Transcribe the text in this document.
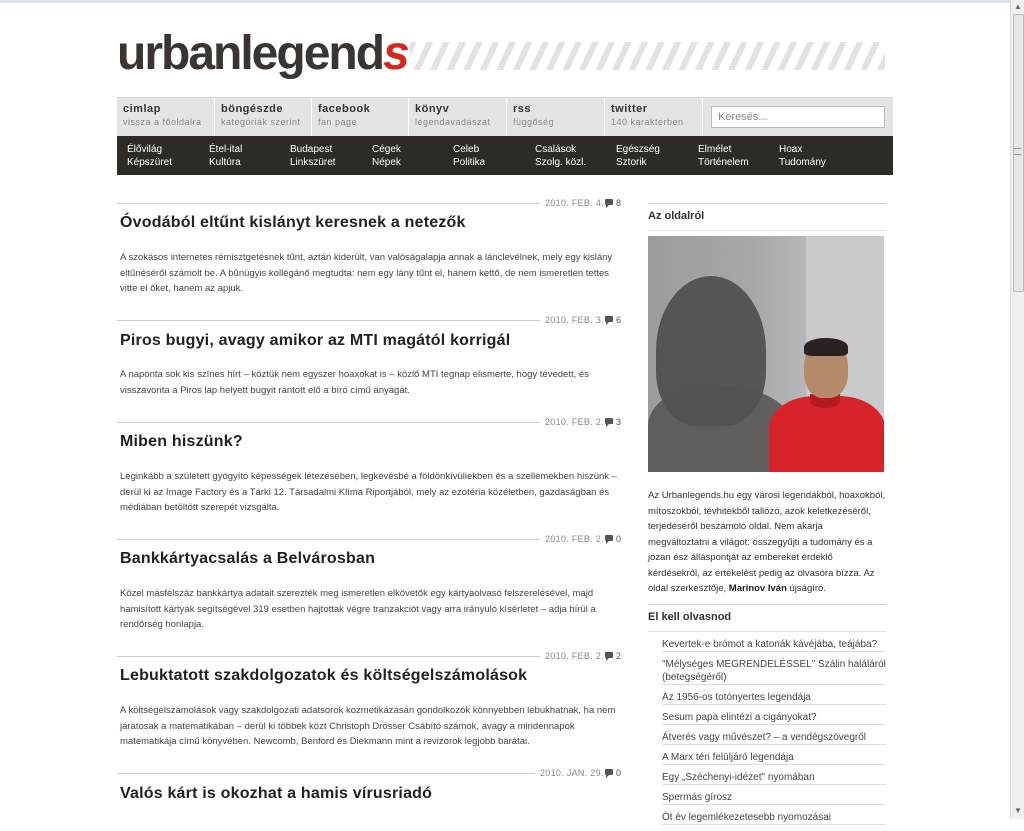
▲
▼
urbanlegends
cimlap
vissza a főoldalra
böngészde
kategóriák szerint
facebook
fan page
könyv
legendavadászat
rss
függőség
twitter
140 karakterben
Keresés...
Élővilág
Képszüret
Étel-ital
Kultúra
Budapest
Linkszüret
Cégek
Népek
Celeb
Politika
Csalások
Szolg. közl.
Egészség
Sztorik
Elmélet
Történelem
Hoax
Tudomány
2010. FEB. 4. 8
Óvodából eltűnt kislányt keresnek a netezők
A szokásos internetes rémisztgetésnek tűnt, aztán kiderült, van valóságalapja annak a lánclevélnek, mely egy kislány eltűnéséről számolt be. A bűnügyis kollégánő megtudta: nem egy lány tűnt el, hanem kettő, de nem ismeretlen tettes vitte el őket, hanem az apjuk.
2010. FEB. 3. 6
Piros bugyi, avagy amikor az MTI magától korrigál
A naponta sok kis színes hírt – köztük nem egyszer hoaxokat is – közlő MTI tegnap elismerte, hogy tévedett, és visszavonta a Piros lap helyett bugyit rántott elő a bíró című anyagát.
2010. FEB. 2. 3
Miben hiszünk?
Leginkább a született gyógyító képességek létezésében, legkevésbé a földönkívüliekben és a szellemekben hiszünk – derül ki az Image Factory és a Tárki 12. Társadalmi Klíma Riportjából, mely az ezotéria közéletben, gazdaságban és médiában betöltött szerepét vizsgálta.
2010. FEB. 2. 0
Bankkártyacsalás a Belvárosban
Közel másfélszáz bankkártya adatait szerezték meg ismeretlen elkövetők egy kártyaolvasó felszerelésével, majd hamisított kártyák segítségével 319 esetben hajtottak végre tranzakciót vagy arra irányuló kísérletet – adja hírül a rendőrség honlapja.
2010. FEB. 2. 2
Lebuktatott szakdolgozatok és költségelszámolások
A költségelszámolások vagy szakdolgozati adatsorok kozmetikázásán gondolkozók könnyebben lebukhatnak, ha nem járatosak a matematikában – derül ki többek közt Christoph Drösser Csábító számok, avagy a mindennapok matematikája című könyvében. Newcomb, Benford és Diekmann mint a revizorok legjobb barátai.
2010. JAN. 29. 0
Valós kárt is okozhat a hamis vírusriadó
Az oldalról
Az Urbanlegends.hu egy városi legendákból, hoaxokból, mítoszokból, tévhitekből tallózó, azok keletkezéséről, terjedéséről beszámoló oldal. Nem akarja megváltoztatni a világot: összegyűjti a tudomány és a józan ész álláspontját az embereket érdeklő kérdésekről, az értékelést pedig az olvasóra bízza. Az oldal szerkesztője, Marinov Iván újságíró.
El kell olvasnod
Kevertek-e brómot a katonák kávéjába, teájába?
"Mélységes MEGRENDELÉSSEL" Szálin haláláról (betegségéről)
Az 1956-os totónyertes legendája
Sesum papa elintézi a cigányokat?
Átverés vagy művészet? – a vendégszövegről
A Marx téri felüljáró legendája
Egy „Széchenyi-idézet" nyomában
Spermás gírosz
Öt év legemlékezetesebb nyomozásai
